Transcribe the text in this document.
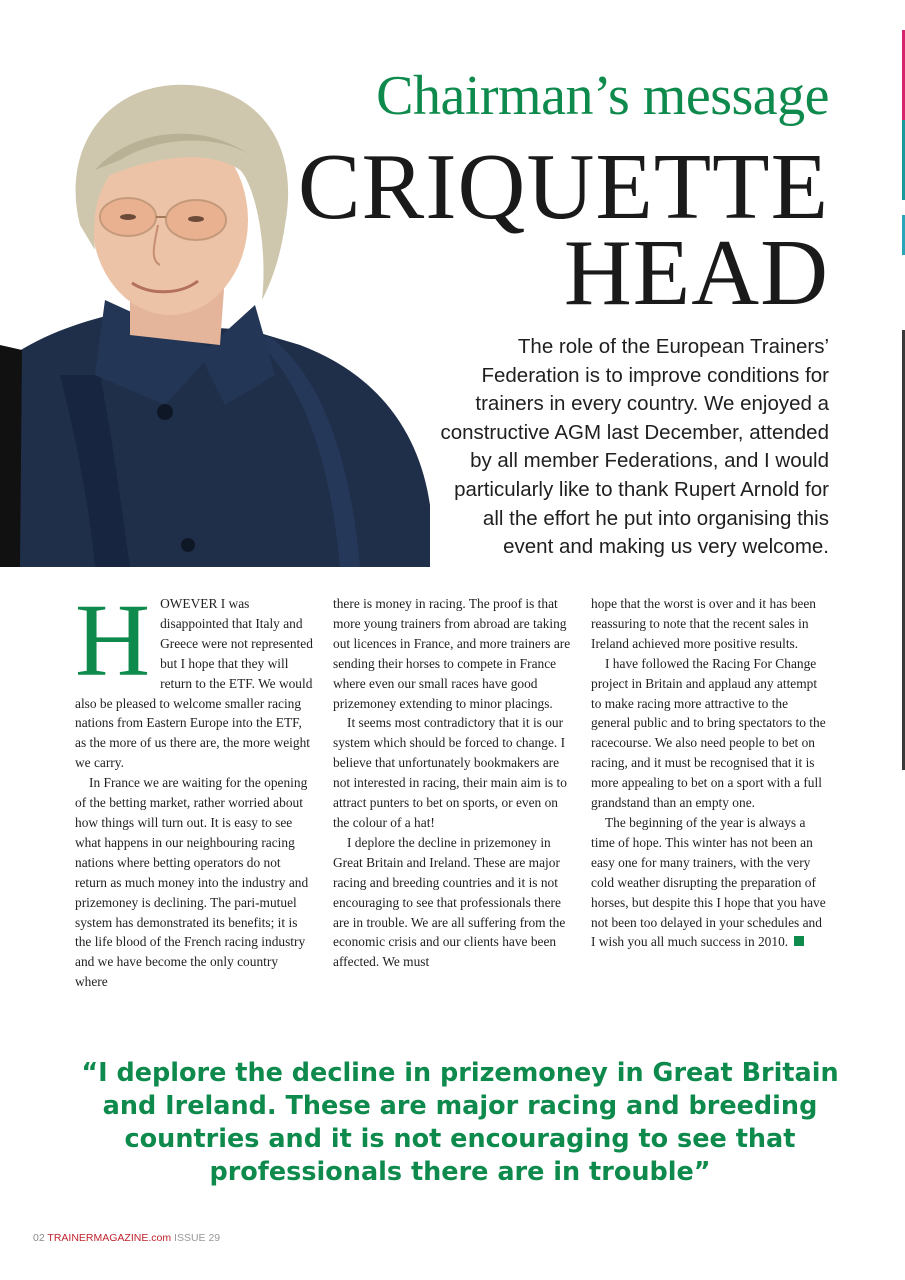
Chairman’s message
CRIQUETTE
HEAD

The role of the European Trainers’

Federation is to improve conditions for

trainers in every country. We enjoyed a

constructive AGM last December, attended

by all member Federations, and I would

particularly like to thank Rupert Arnold for

all the effort he put into organising this

event and making us very welcome.

HOWEVER I was disappointed that Italy and Greece were not represented but I hope that they will return to the ETF. We would also be pleased to welcome smaller racing nations from Eastern Europe into the ETF, as the more of us there are, the more weight we carry.

In France we are waiting for the opening of the betting market, rather worried about how things will turn out. It is easy to see what happens in our neighbouring racing nations where betting operators do not return as much money into the industry and prizemoney is declining. The pari-mutuel system has demonstrated its benefits; it is the life blood of the French racing industry and we have become the only country where

there is money in racing. The proof is that more young trainers from abroad are taking out licences in France, and more trainers are sending their horses to compete in France where even our small races have good prizemoney extending to minor placings.

It seems most contradictory that it is our system which should be forced to change. I believe that unfortunately bookmakers are not interested in racing, their main aim is to attract punters to bet on sports, or even on the colour of a hat!

I deplore the decline in prizemoney in Great Britain and Ireland. These are major racing and breeding countries and it is not encouraging to see that professionals there are in trouble. We are all suffering from the economic crisis and our clients have been affected. We must

hope that the worst is over and it has been reassuring to note that the recent sales in Ireland achieved more positive results.

I have followed the Racing For Change project in Britain and applaud any attempt to make racing more attractive to the general public and to bring spectators to the racecourse. We also need people to bet on racing, and it must be recognised that it is more appealing to bet on a sport with a full grandstand than an empty one.

The beginning of the year is always a time of hope. This winter has not been an easy one for many trainers, with the very cold weather disrupting the preparation of horses, but despite this I hope that you have not been too delayed in your schedules and I wish you all much success in 2010.

“I deplore the decline in prizemoney in Great Britain

and Ireland. These are major racing and breeding

countries and it is not encouraging to see that

professionals there are in trouble”

02 TRAINERMAGAZINE.com ISSUE 29
